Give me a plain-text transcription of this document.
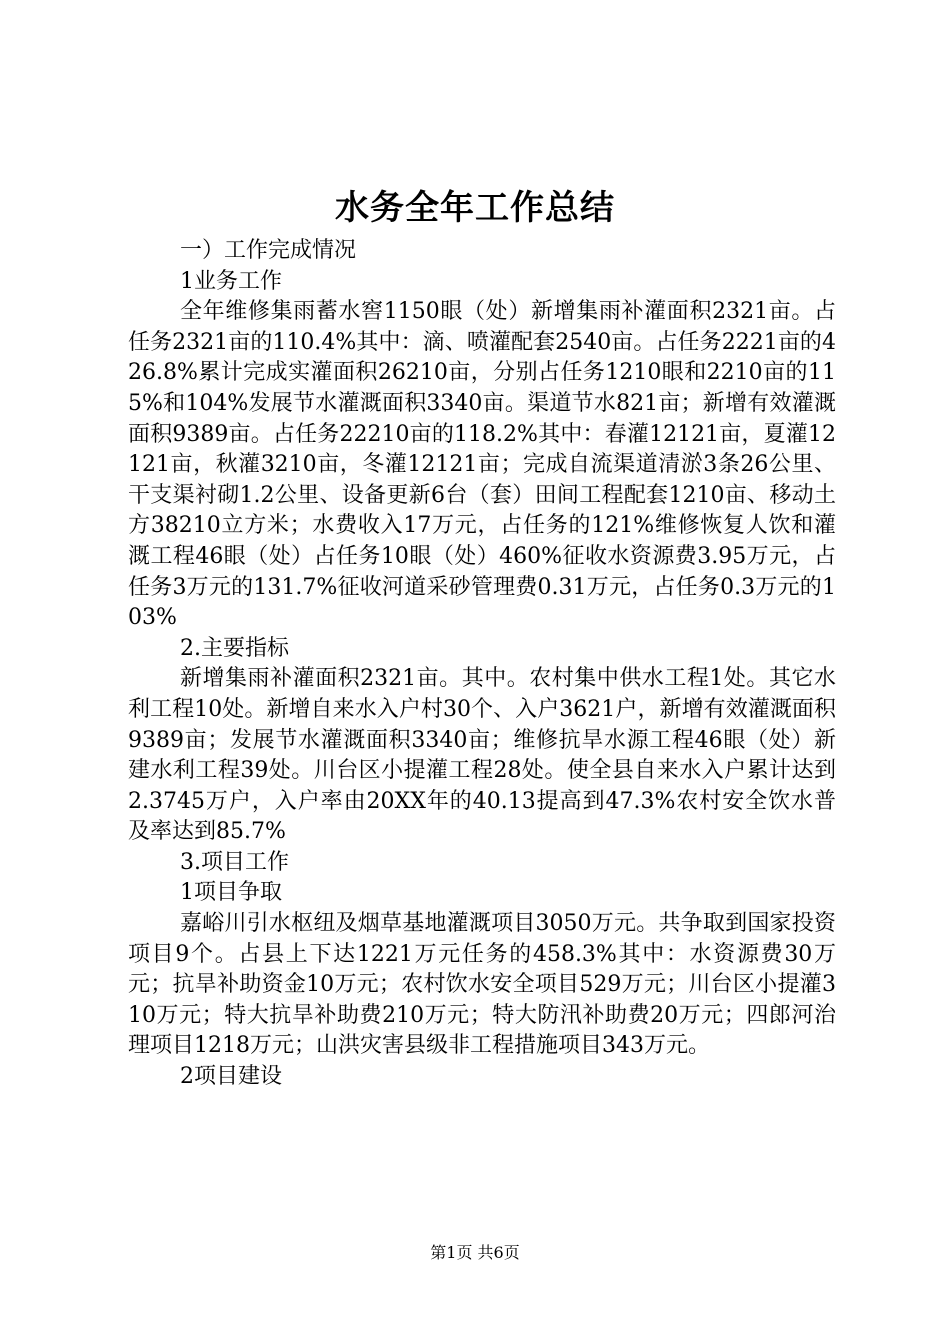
水务全年工作总结

一）工作完成情况

1业务工作

全年维修集雨蓄水窖1150眼（处）新增集雨补灌面积2321亩。占任务2321亩的110.4%其中：滴、喷灌配套2540亩。占任务2221亩的426.8%累计完成实灌面积26210亩，分别占任务1210眼和2210亩的115%和104%发展节水灌溉面积3340亩。渠道节水821亩；新增有效灌溉面积9389亩。占任务22210亩的118.2%其中：春灌12121亩，夏灌12121亩，秋灌3210亩，冬灌12121亩；完成自流渠道清淤3条26公里、干支渠衬砌1.2公里、设备更新6台（套）田间工程配套1210亩、移动土方38210立方米；水费收入17万元，占任务的121%维修恢复人饮和灌溉工程46眼（处）占任务10眼（处）460%征收水资源费3.95万元，占任务3万元的131.7%征收河道采砂管理费0.31万元，占任务0.3万元的103%

2.主要指标

新增集雨补灌面积2321亩。其中。农村集中供水工程1处。其它水利工程10处。新增自来水入户村30个、入户3621户，新增有效灌溉面积9389亩；发展节水灌溉面积3340亩；维修抗旱水源工程46眼（处）新建水利工程39处。川台区小提灌工程28处。使全县自来水入户累计达到2.3745万户，入户率由20XX年的40.13提高到47.3%农村安全饮水普及率达到85.7%

3.项目工作

1项目争取

嘉峪川引水枢纽及烟草基地灌溉项目3050万元。共争取到国家投资项目9个。占县上下达1221万元任务的458.3%其中：水资源费30万元；抗旱补助资金10万元；农村饮水安全项目529万元；川台区小提灌310万元；特大抗旱补助费210万元；特大防汛补助费20万元；四郎河治理项目1218万元；山洪灾害县级非工程措施项目343万元。

2项目建设

第1页 共6页
